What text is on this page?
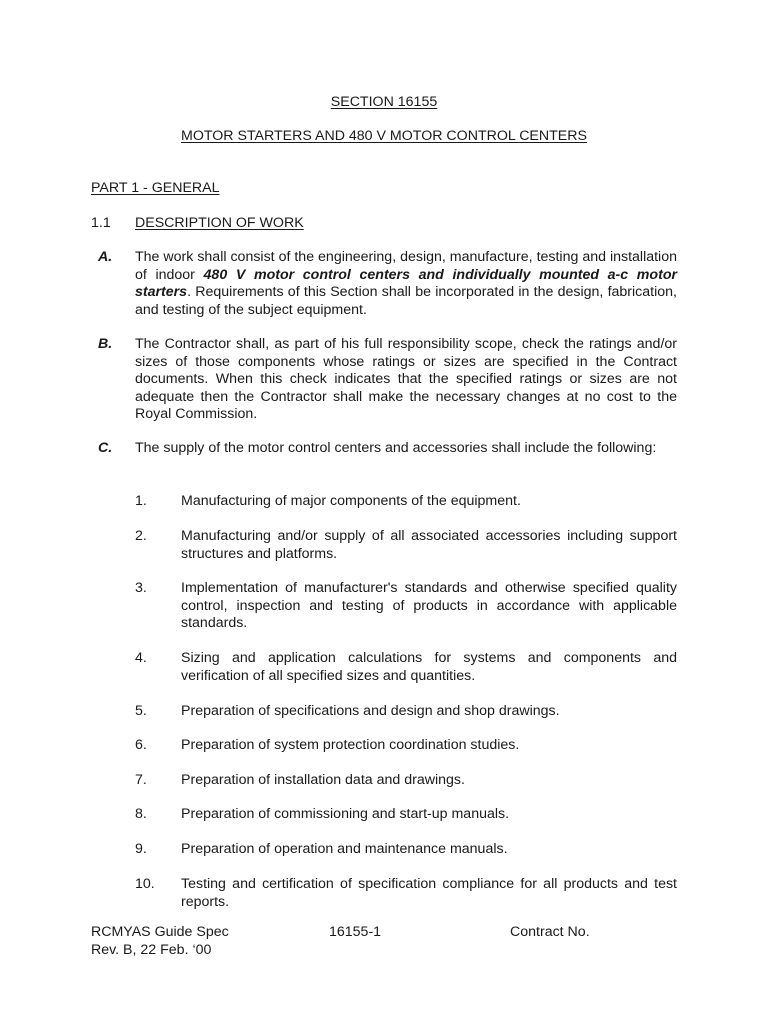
SECTION 16155
MOTOR STARTERS AND 480 V MOTOR CONTROL CENTERS
PART 1 - GENERAL
1.1 DESCRIPTION OF WORK
A. The work shall consist of the engineering, design, manufacture, testing and installation of indoor 480 V motor control centers and individually mounted a-c motor starters. Requirements of this Section shall be incorporated in the design, fabrication, and testing of the subject equipment.
B. The Contractor shall, as part of his full responsibility scope, check the ratings and/or sizes of those components whose ratings or sizes are specified in the Contract documents. When this check indicates that the specified ratings or sizes are not adequate then the Contractor shall make the necessary changes at no cost to the Royal Commission.
C. The supply of the motor control centers and accessories shall include the following:
1. Manufacturing of major components of the equipment.
2. Manufacturing and/or supply of all associated accessories including support structures and platforms.
3. Implementation of manufacturer's standards and otherwise specified quality control, inspection and testing of products in accordance with applicable standards.
4. Sizing and application calculations for systems and components and verification of all specified sizes and quantities.
5. Preparation of specifications and design and shop drawings.
6. Preparation of system protection coordination studies.
7. Preparation of installation data and drawings.
8. Preparation of commissioning and start-up manuals.
9. Preparation of operation and maintenance manuals.
10. Testing and certification of specification compliance for all products and test reports.
RCMYAS Guide Spec
Rev. B, 22 Feb. ‘00
16155-1	Contract No.
